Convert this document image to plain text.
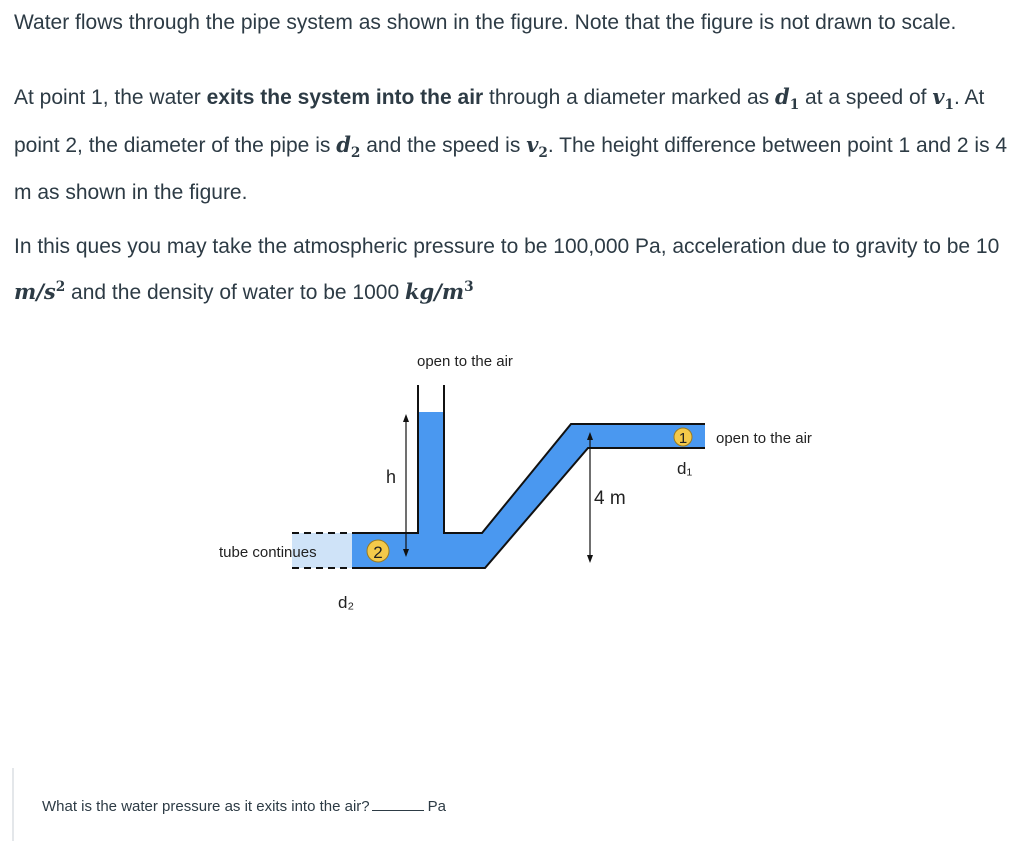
Water flows through the pipe system as shown in the figure. Note that the figure is not drawn to scale.

At point 1, the water exits the system into the air through a diameter marked as $d_1$ at a speed of $v_1$. At point 2, the diameter of the pipe is $d_2$ and the speed is $v_2$. The height difference between point 1 and 2 is 4 m as shown in the figure.

In this ques you may take the atmospheric pressure to be 100,000 Pa, acceleration due to gravity to be 10 $m/s^2$ and the density of water to be 1000 $kg/m^3$

h
4 m
open to the air
1
d₁
open to the air
2
d₂
tube continues
What is the water pressure as it exits into the air?	Pa
